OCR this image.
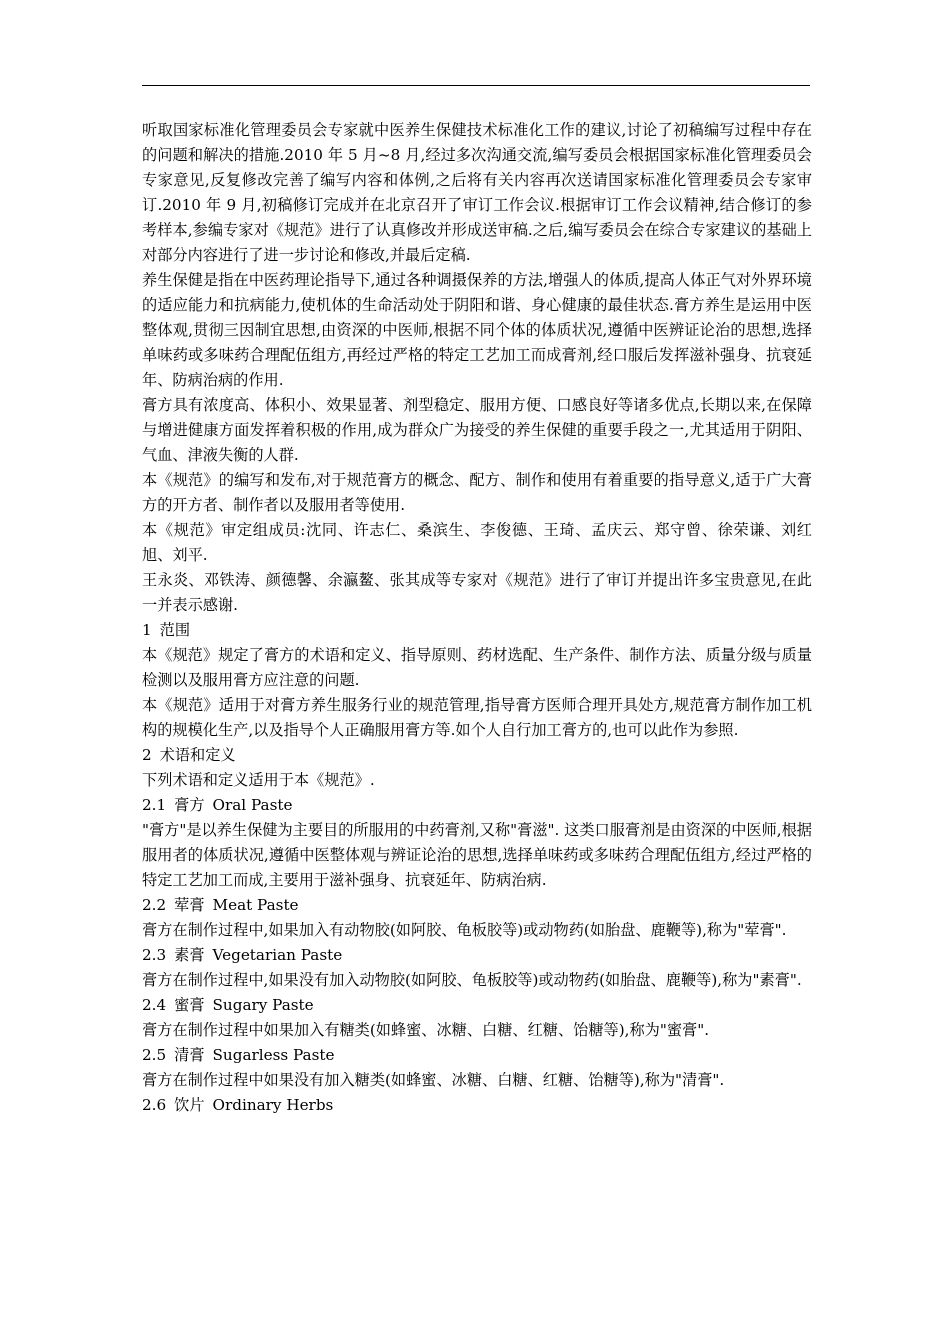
听取国家标准化管理委员会专家就中医养生保健技术标准化工作的建议,讨论了初稿编写过程中存在的问题和解决的措施.2010 年 5 月~8 月,经过多次沟通交流,编写委员会根据国家标准化管理委员会专家意见,反复修改完善了编写内容和体例,之后将有关内容再次送请国家标准化管理委员会专家审订.2010 年 9 月,初稿修订完成并在北京召开了审订工作会议.根据审订工作会议精神,结合修订的参考样本,参编专家对《规范》进行了认真修改并形成送审稿.之后,编写委员会在综合专家建议的基础上对部分内容进行了进一步讨论和修改,并最后定稿.

养生保健是指在中医药理论指导下,通过各种调摄保养的方法,增强人的体质,提高人体正气对外界环境的适应能力和抗病能力,使机体的生命活动处于阴阳和谐、身心健康的最佳状态.膏方养生是运用中医整体观,贯彻三因制宜思想,由资深的中医师,根据不同个体的体质状况,遵循中医辨证论治的思想,选择单味药或多味药合理配伍组方,再经过严格的特定工艺加工而成膏剂,经口服后发挥滋补强身、抗衰延年、防病治病的作用.

膏方具有浓度高、体积小、效果显著、剂型稳定、服用方便、口感良好等诸多优点,长期以来,在保障与增进健康方面发挥着积极的作用,成为群众广为接受的养生保健的重要手段之一,尤其适用于阴阳、气血、津液失衡的人群.

本《规范》的编写和发布,对于规范膏方的概念、配方、制作和使用有着重要的指导意义,适于广大膏方的开方者、制作者以及服用者等使用.

本《规范》审定组成员:沈同、许志仁、桑滨生、李俊德、王琦、孟庆云、郑守曾、徐荣谦、刘红旭、刘平.

王永炎、邓铁涛、颜德馨、余瀛鳌、张其成等专家对《规范》进行了审订并提出许多宝贵意见,在此一并表示感谢.

1 范围

本《规范》规定了膏方的术语和定义、指导原则、药材选配、生产条件、制作方法、质量分级与质量检测以及服用膏方应注意的问题.

本《规范》适用于对膏方养生服务行业的规范管理,指导膏方医师合理开具处方,规范膏方制作加工机构的规模化生产,以及指导个人正确服用膏方等.如个人自行加工膏方的,也可以此作为参照.

2 术语和定义

下列术语和定义适用于本《规范》.

2.1 膏方 Oral Paste

"膏方"是以养生保健为主要目的所服用的中药膏剂,又称"膏滋". 这类口服膏剂是由资深的中医师,根据服用者的体质状况,遵循中医整体观与辨证论治的思想,选择单味药或多味药合理配伍组方,经过严格的特定工艺加工而成,主要用于滋补强身、抗衰延年、防病治病.

2.2 荤膏 Meat Paste

膏方在制作过程中,如果加入有动物胶(如阿胶、龟板胶等)或动物药(如胎盘、鹿鞭等),称为"荤膏".

2.3 素膏 Vegetarian Paste

膏方在制作过程中,如果没有加入动物胶(如阿胶、龟板胶等)或动物药(如胎盘、鹿鞭等),称为"素膏".

2.4 蜜膏 Sugary Paste

膏方在制作过程中如果加入有糖类(如蜂蜜、冰糖、白糖、红糖、饴糖等),称为"蜜膏".

2.5 清膏 Sugarless Paste

膏方在制作过程中如果没有加入糖类(如蜂蜜、冰糖、白糖、红糖、饴糖等),称为"清膏".

2.6 饮片 Ordinary Herbs
